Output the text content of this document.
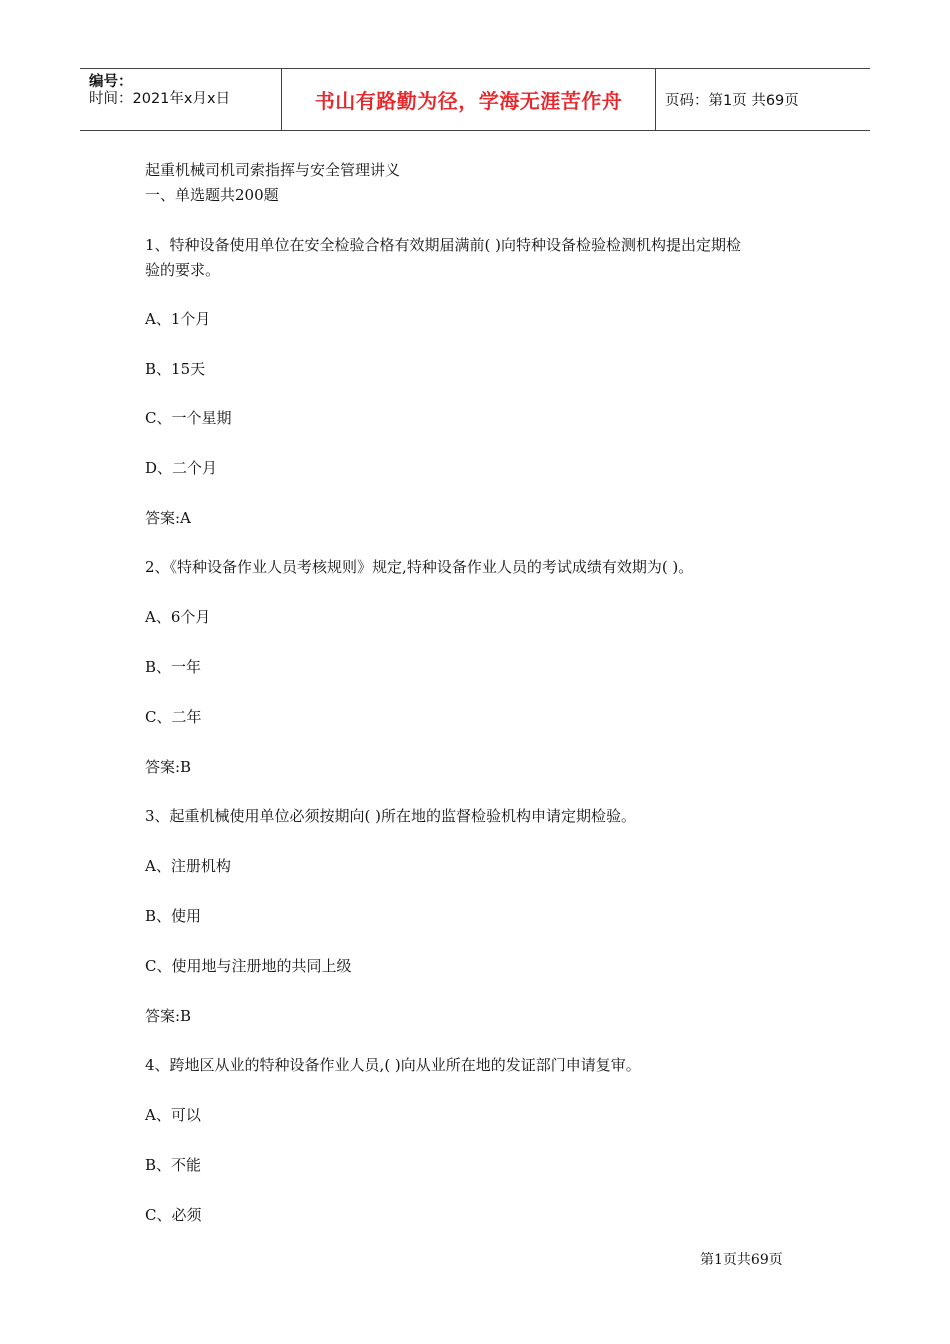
编号：
时间：2021年x月x日	书山有路勤为径，学海无涯苦作舟	页码：第1页 共69页
起重机械司机司索指挥与安全管理讲义
一、单选题共200题
1、特种设备使用单位在安全检验合格有效期届满前( )向特种设备检验检测机构提出定期检
验的要求。
A、1个月
B、15天
C、一个星期
D、二个月
答案:A
2、《特种设备作业人员考核规则》规定,特种设备作业人员的考试成绩有效期为( )。
A、6个月
B、一年
C、二年
答案:B
3、起重机械使用单位必须按期向( )所在地的监督检验机构申请定期检验。
A、注册机构
B、使用
C、使用地与注册地的共同上级
答案:B
4、跨地区从业的特种设备作业人员,( )向从业所在地的发证部门申请复审。
A、可以
B、不能
C、必须
第1页共69页
